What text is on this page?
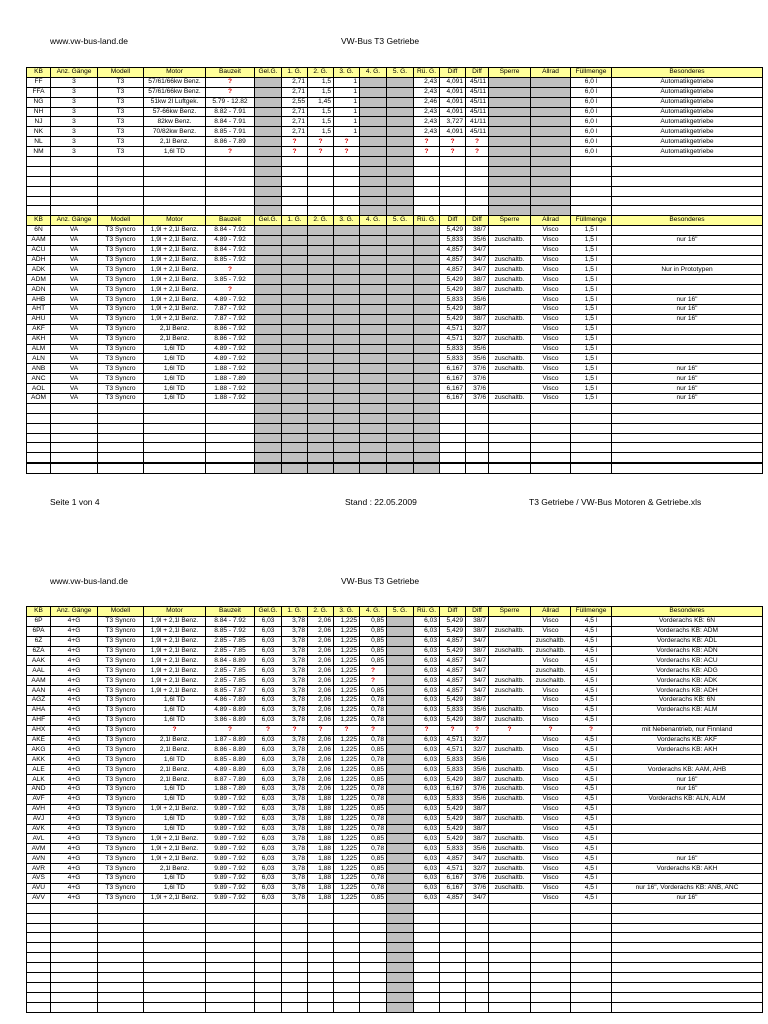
www.vw-bus-land.de	VW-Bus T3 Getriebe
KB	Anz. Gänge	Modell	Motor	Bauzeit	Gel.G.	1. G.	2. G.	3. G.	4. G.	5. G.	Rü. G.	Diff	Diff	Sperre	Allrad	Füllmenge	Besonderes
FF	3	T3	57/61/66kw Benz.	?		2,71	1,5	1			2,43	4,091	45/11			6,0 l	Automatikgetriebe
FFA	3	T3	57/61/66kw Benz.	?		2,71	1,5	1			2,43	4,091	45/11			6,0 l	Automatikgetriebe
NG	3	T3	51kw 2l Luftgek.	5.79 - 12.82		2,55	1,45	1			2,46	4,091	45/11			6,0 l	Automatikgetriebe
NH	3	T3	57-66kw Benz.	8.82 - 7.91		2,71	1,5	1			2,43	4,091	45/11			6,0 l	Automatikgetriebe
NJ	3	T3	82kw Benz.	8.84 - 7.91		2,71	1,5	1			2,43	3,727	41/11			6,0 l	Automatikgetriebe
NK	3	T3	70/82kw Benz.	8.85 - 7.91		2,71	1,5	1			2,43	4,091	45/11			6,0 l	Automatikgetriebe
NL	3	T3	2,1l Benz.	8.86 - 7.89		?	?	?			?	?	?			6,0 l	Automatikgetriebe
NM	3	T3	1,6l TD	?		?	?	?			?	?	?			6,0 l	Automatikgetriebe

KB	Anz. Gänge	Modell	Motor	Bauzeit	Gel.G.	1. G.	2. G.	3. G.	4. G.	5. G.	Rü. G.	Diff	Diff	Sperre	Allrad	Füllmenge	Besonderes
6N	VA	T3 Syncro	1,9l + 2,1l Benz.	8.84 - 7.92								5,429	38/7		Visco	1,5 l	
AAM	VA	T3 Syncro	1,9l + 2,1l Benz.	4.89 - 7.92								5,833	35/6	zuschaltb.	Visco	1,5 l	nur 16"
ACU	VA	T3 Syncro	1,9l + 2,1l Benz.	8.84 - 7.92								4,857	34/7		Visco	1,5 l	
ADH	VA	T3 Syncro	1,9l + 2,1l Benz.	8.85 - 7.92								4,857	34/7	zuschaltb.	Visco	1,5 l	
ADK	VA	T3 Syncro	1,9l + 2,1l Benz.	?								4,857	34/7	zuschaltb.	Visco	1,5 l	Nur in Prototypen
ADM	VA	T3 Syncro	1,9l + 2,1l Benz.	3.85 - 7.92								5,429	38/7	zuschaltb.	Visco	1,5 l	
ADN	VA	T3 Syncro	1,9l + 2,1l Benz.	?								5,429	38/7	zuschaltb.	Visco	1,5 l	
AHB	VA	T3 Syncro	1,9l + 2,1l Benz.	4.89 - 7.92								5,833	35/6		Visco	1,5 l	nur 16"
AHT	VA	T3 Syncro	1,9l + 2,1l Benz.	7.87 - 7.92								5,429	38/7		Visco	1,5 l	nur 16"
AHU	VA	T3 Syncro	1,9l + 2,1l Benz.	7.87 - 7.92								5,429	38/7	zuschaltb.	Visco	1,5 l	nur 16"
AKF	VA	T3 Syncro	2,1l Benz.	8.86 - 7.92								4,571	32/7		Visco	1,5 l	
AKH	VA	T3 Syncro	2,1l Benz.	8.86 - 7.92								4,571	32/7	zuschaltb.	Visco	1,5 l	
ALM	VA	T3 Syncro	1,6l TD	4.89 - 7.92								5,833	35/6		Visco	1,5 l	
ALN	VA	T3 Syncro	1,6l TD	4.89 - 7.92								5,833	35/6	zuschaltb.	Visco	1,5 l	
ANB	VA	T3 Syncro	1,6l TD	1.88 - 7.92								6,167	37/6	zuschaltb.	Visco	1,5 l	nur 16"
ANC	VA	T3 Syncro	1,6l TD	1.88 - 7.89								6,167	37/6		Visco	1,5 l	nur 16"
AOL	VA	T3 Syncro	1,6l TD	1.88 - 7.92								6,167	37/6		Visco	1,5 l	nur 16"
AOM	VA	T3 Syncro	1,6l TD	1.88 - 7.92								6,167	37/6	zuschaltb.	Visco	1,5 l	nur 16"

Seite 1 von 4	Stand : 22.05.2009	T3 Getriebe / VW-Bus Motoren & Getriebe.xls
www.vw-bus-land.de	VW-Bus T3 Getriebe
KB	Anz. Gänge	Modell	Motor	Bauzeit	Gel.G.	1. G.	2. G.	3. G.	4. G.	5. G.	Rü. G.	Diff	Diff	Sperre	Allrad	Füllmenge	Besonderes
6P	4+G	T3 Syncro	1,9l + 2,1l Benz.	8.84 - 7.92	6,03	3,78	2,06	1,225	0,85		6,03	5,429	38/7		Visco	4,5 l	Vorderachs KB: 6N
6PA	4+G	T3 Syncro	1,9l + 2,1l Benz.	8.85 - 7.92	6,03	3,78	2,06	1,225	0,85		6,03	5,429	38/7	zuschaltb.	Visco	4,5 l	Vorderachs KB: ADM
6Z	4+G	T3 Syncro	1,9l + 2,1l Benz.	2.85 - 7.85	6,03	3,78	2,06	1,225	0,85		6,03	4,857	34/7		zuschaltb.	4,5 l	Vorderachs KB: ADL
6ZA	4+G	T3 Syncro	1,9l + 2,1l Benz.	2.85 - 7.85	6,03	3,78	2,06	1,225	0,85		6,03	5,429	38/7	zuschaltb.	zuschaltb.	4,5 l	Vorderachs KB: ADN
AAK	4+G	T3 Syncro	1,9l + 2,1l Benz.	8.84 - 8.89	6,03	3,78	2,06	1,225	0,85		6,03	4,857	34/7		Visco	4,5 l	Vorderachs KB: ACU
AAL	4+G	T3 Syncro	1,9l + 2,1l Benz.	2.85 - 7.85	6,03	3,78	2,06	1,225	?		6,03	4,857	34/7		zuschaltb.	4,5 l	Vorderachs KB: ADG
AAM	4+G	T3 Syncro	1,9l + 2,1l Benz.	2.85 - 7.85	6,03	3,78	2,06	1,225	?		6,03	4,857	34/7	zuschaltb.	zuschaltb.	4,5 l	Vorderachs KB: ADK
AAN	4+G	T3 Syncro	1,9l + 2,1l Benz.	8.85 - 7.87	6,03	3,78	2,06	1,225	0,85		6,03	4,857	34/7	zuschaltb.	Visco	4,5 l	Vorderachs KB: ADH
AGZ	4+G	T3 Syncro	1,6l TD	4.86 - 7.89	6,03	3,78	2,06	1,225	0,78		6,03	5,429	38/7		Visco	4,5 l	Vorderachs KB: 6N
AHA	4+G	T3 Syncro	1,6l TD	4.89 - 8.89	6,03	3,78	2,06	1,225	0,78		6,03	5,833	35/6	zuschaltb.	Visco	4,5 l	Vorderachs KB: ALM
AHF	4+G	T3 Syncro	1,6l TD	3.86 - 8.89	6,03	3,78	2,06	1,225	0,78		6,03	5,429	38/7	zuschaltb.	Visco	4,5 l	
AHX	4+G	T3 Syncro	?	?	?	?	?	?	?		?	?	?	?	?	?	mit Nebenantrieb, nur Finnland
AKE	4+G	T3 Syncro	2,1l Benz.	1.87 - 8.89	6,03	3,78	2,06	1,225	0,78		6,03	4,571	32/7		Visco	4,5 l	Vorderachs KB: AKF
AKG	4+G	T3 Syncro	2,1l Benz.	8.86 - 8.89	6,03	3,78	2,06	1,225	0,85		6,03	4,571	32/7	zuschaltb.	Visco	4,5 l	Vorderachs KB: AKH
AKK	4+G	T3 Syncro	1,6l TD	8.85 - 8.89	6,03	3,78	2,06	1,225	0,78		6,03	5,833	35/6		Visco	4,5 l	
ALE	4+G	T3 Syncro	2,1l Benz.	4.89 - 8.89	6,03	3,78	2,06	1,225	0,85		6,03	5,833	35/6	zuschaltb.	Visco	4,5 l	Vorderachs KB: AAM, AHB
ALK	4+G	T3 Syncro	2,1l Benz.	8.87 - 7.89	6,03	3,78	2,06	1,225	0,85		6,03	5,429	38/7	zuschaltb.	Visco	4,5 l	nur 16"
AND	4+G	T3 Syncro	1,6l TD	1.88 - 7.89	6,03	3,78	2,06	1,225	0,78		6,03	6,167	37/6	zuschaltb.	Visco	4,5 l	nur 16"
AVF	4+G	T3 Syncro	1,6l TD	9.89 - 7.92	6,03	3,78	1,88	1,225	0,78		6,03	5,833	35/6	zuschaltb.	Visco	4,5 l	Vorderachs KB: ALN, ALM
AVH	4+G	T3 Syncro	1,9l + 2,1l Benz.	9.89 - 7.92	6,03	3,78	1,88	1,225	0,85		6,03	5,429	38/7		Visco	4,5 l	
AVJ	4+G	T3 Syncro	1,6l TD	9.89 - 7.92	6,03	3,78	1,88	1,225	0,78		6,03	5,429	38/7	zuschaltb.	Visco	4,5 l	
AVK	4+G	T3 Syncro	1,6l TD	9.89 - 7.92	6,03	3,78	1,88	1,225	0,78		6,03	5,429	38/7		Visco	4,5 l	
AVL	4+G	T3 Syncro	1,9l + 2,1l Benz.	9.89 - 7.92	6,03	3,78	1,88	1,225	0,85		6,03	5,429	38/7	zuschaltb.	Visco	4,5 l	
AVM	4+G	T3 Syncro	1,9l + 2,1l Benz.	9.89 - 7.92	6,03	3,78	1,88	1,225	0,78		6,03	5,833	35/6	zuschaltb.	Visco	4,5 l	
AVN	4+G	T3 Syncro	1,9l + 2,1l Benz.	9.89 - 7.92	6,03	3,78	1,88	1,225	0,85		6,03	4,857	34/7	zuschaltb.	Visco	4,5 l	nur 16"
AVR	4+G	T3 Syncro	2,1l Benz.	9.89 - 7.92	6,03	3,78	1,88	1,225	0,85		6,03	4,571	32/7	zuschaltb.	Visco	4,5 l	Vorderachs KB: AKH
AVS	4+G	T3 Syncro	1,6l TD	9.89 - 7.92	6,03	3,78	1,88	1,225	0,78		6,03	6,167	37/6	zuschaltb.	Visco	4,5 l	
AVU	4+G	T3 Syncro	1,6l TD	9.89 - 7.92	6,03	3,78	1,88	1,225	0,78		6,03	6,167	37/6	zuschaltb.	Visco	4,5 l	nur 16", Vorderachs KB: ANB, ANC
AVV	4+G	T3 Syncro	1,9l + 2,1l Benz.	9.89 - 7.92	6,03	3,78	1,88	1,225	0,85		6,03	4,857	34/7		Visco	4,5 l	nur 16"
